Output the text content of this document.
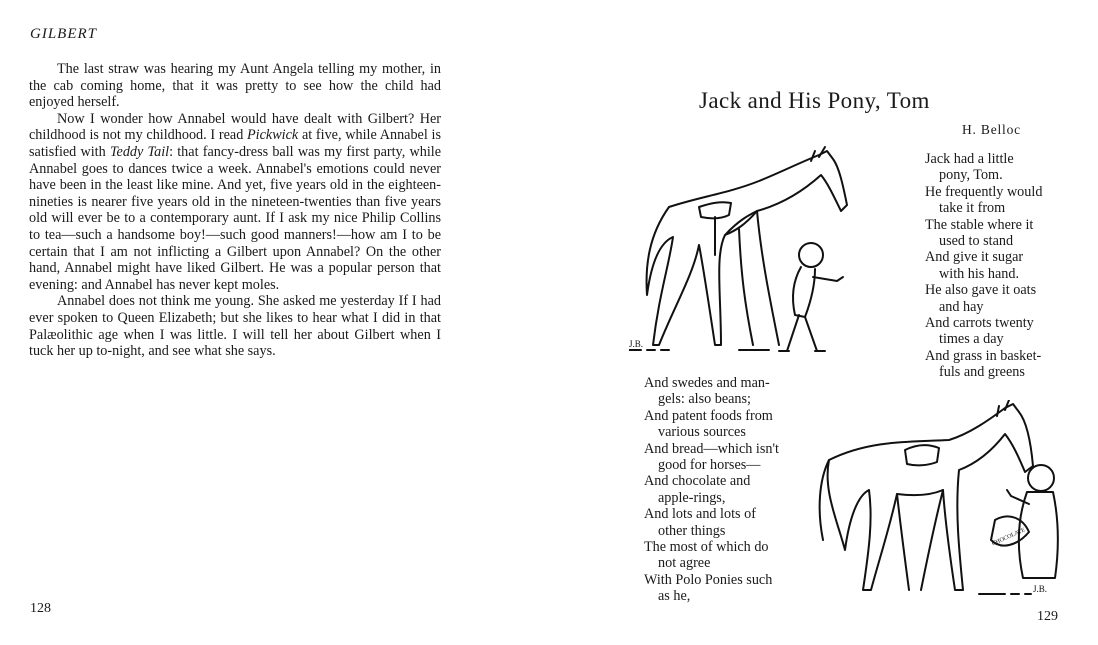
GILBERT

The last straw was hearing my Aunt Angela telling my mother, in the cab coming home, that it was pretty to see how the child had enjoyed herself.

Now I wonder how Annabel would have dealt with Gilbert? Her childhood is not my childhood. I read Pickwick at five, while Annabel is satisfied with Teddy Tail: that fancy-dress ball was my first party, while Annabel goes to dances twice a week. Annabel's emotions could never have been in the least like mine. And yet, five years old in the eighteen-nineties is nearer five years old in the nineteen-twenties than five years old will ever be to a contemporary aunt. If I ask my nice Philip Collins to tea—such a handsome boy!—such good manners!—how am I to be certain that I am not inflicting a Gilbert upon Annabel? On the other hand, Annabel might have liked Gilbert. He was a popular person that evening: and Annabel has never kept moles.

Annabel does not think me young. She asked me yesterday If I had ever spoken to Queen Elizabeth; but she likes to hear what I did in that Palæolithic age when I was little. I will tell her about Gilbert when I tuck her up to-night, and see what she says.

128
Jack and His Pony, Tom
H. Belloc
J.B.
Jack had a little
pony, Tom.
He frequently would
take it from
The stable where it
used to stand
And give it sugar
with his hand.
He also gave it oats
and hay
And carrots twenty
times a day
And grass in basket-
fuls and greens
And swedes and man-
gels: also beans;
And patent foods from
various sources
And bread—which isn't
good for horses—
And chocolate and
apple-rings,
And lots and lots of
other things
The most of which do
not agree
With Polo Ponies such
as he,
CHOCOLATE
J.B.
129
